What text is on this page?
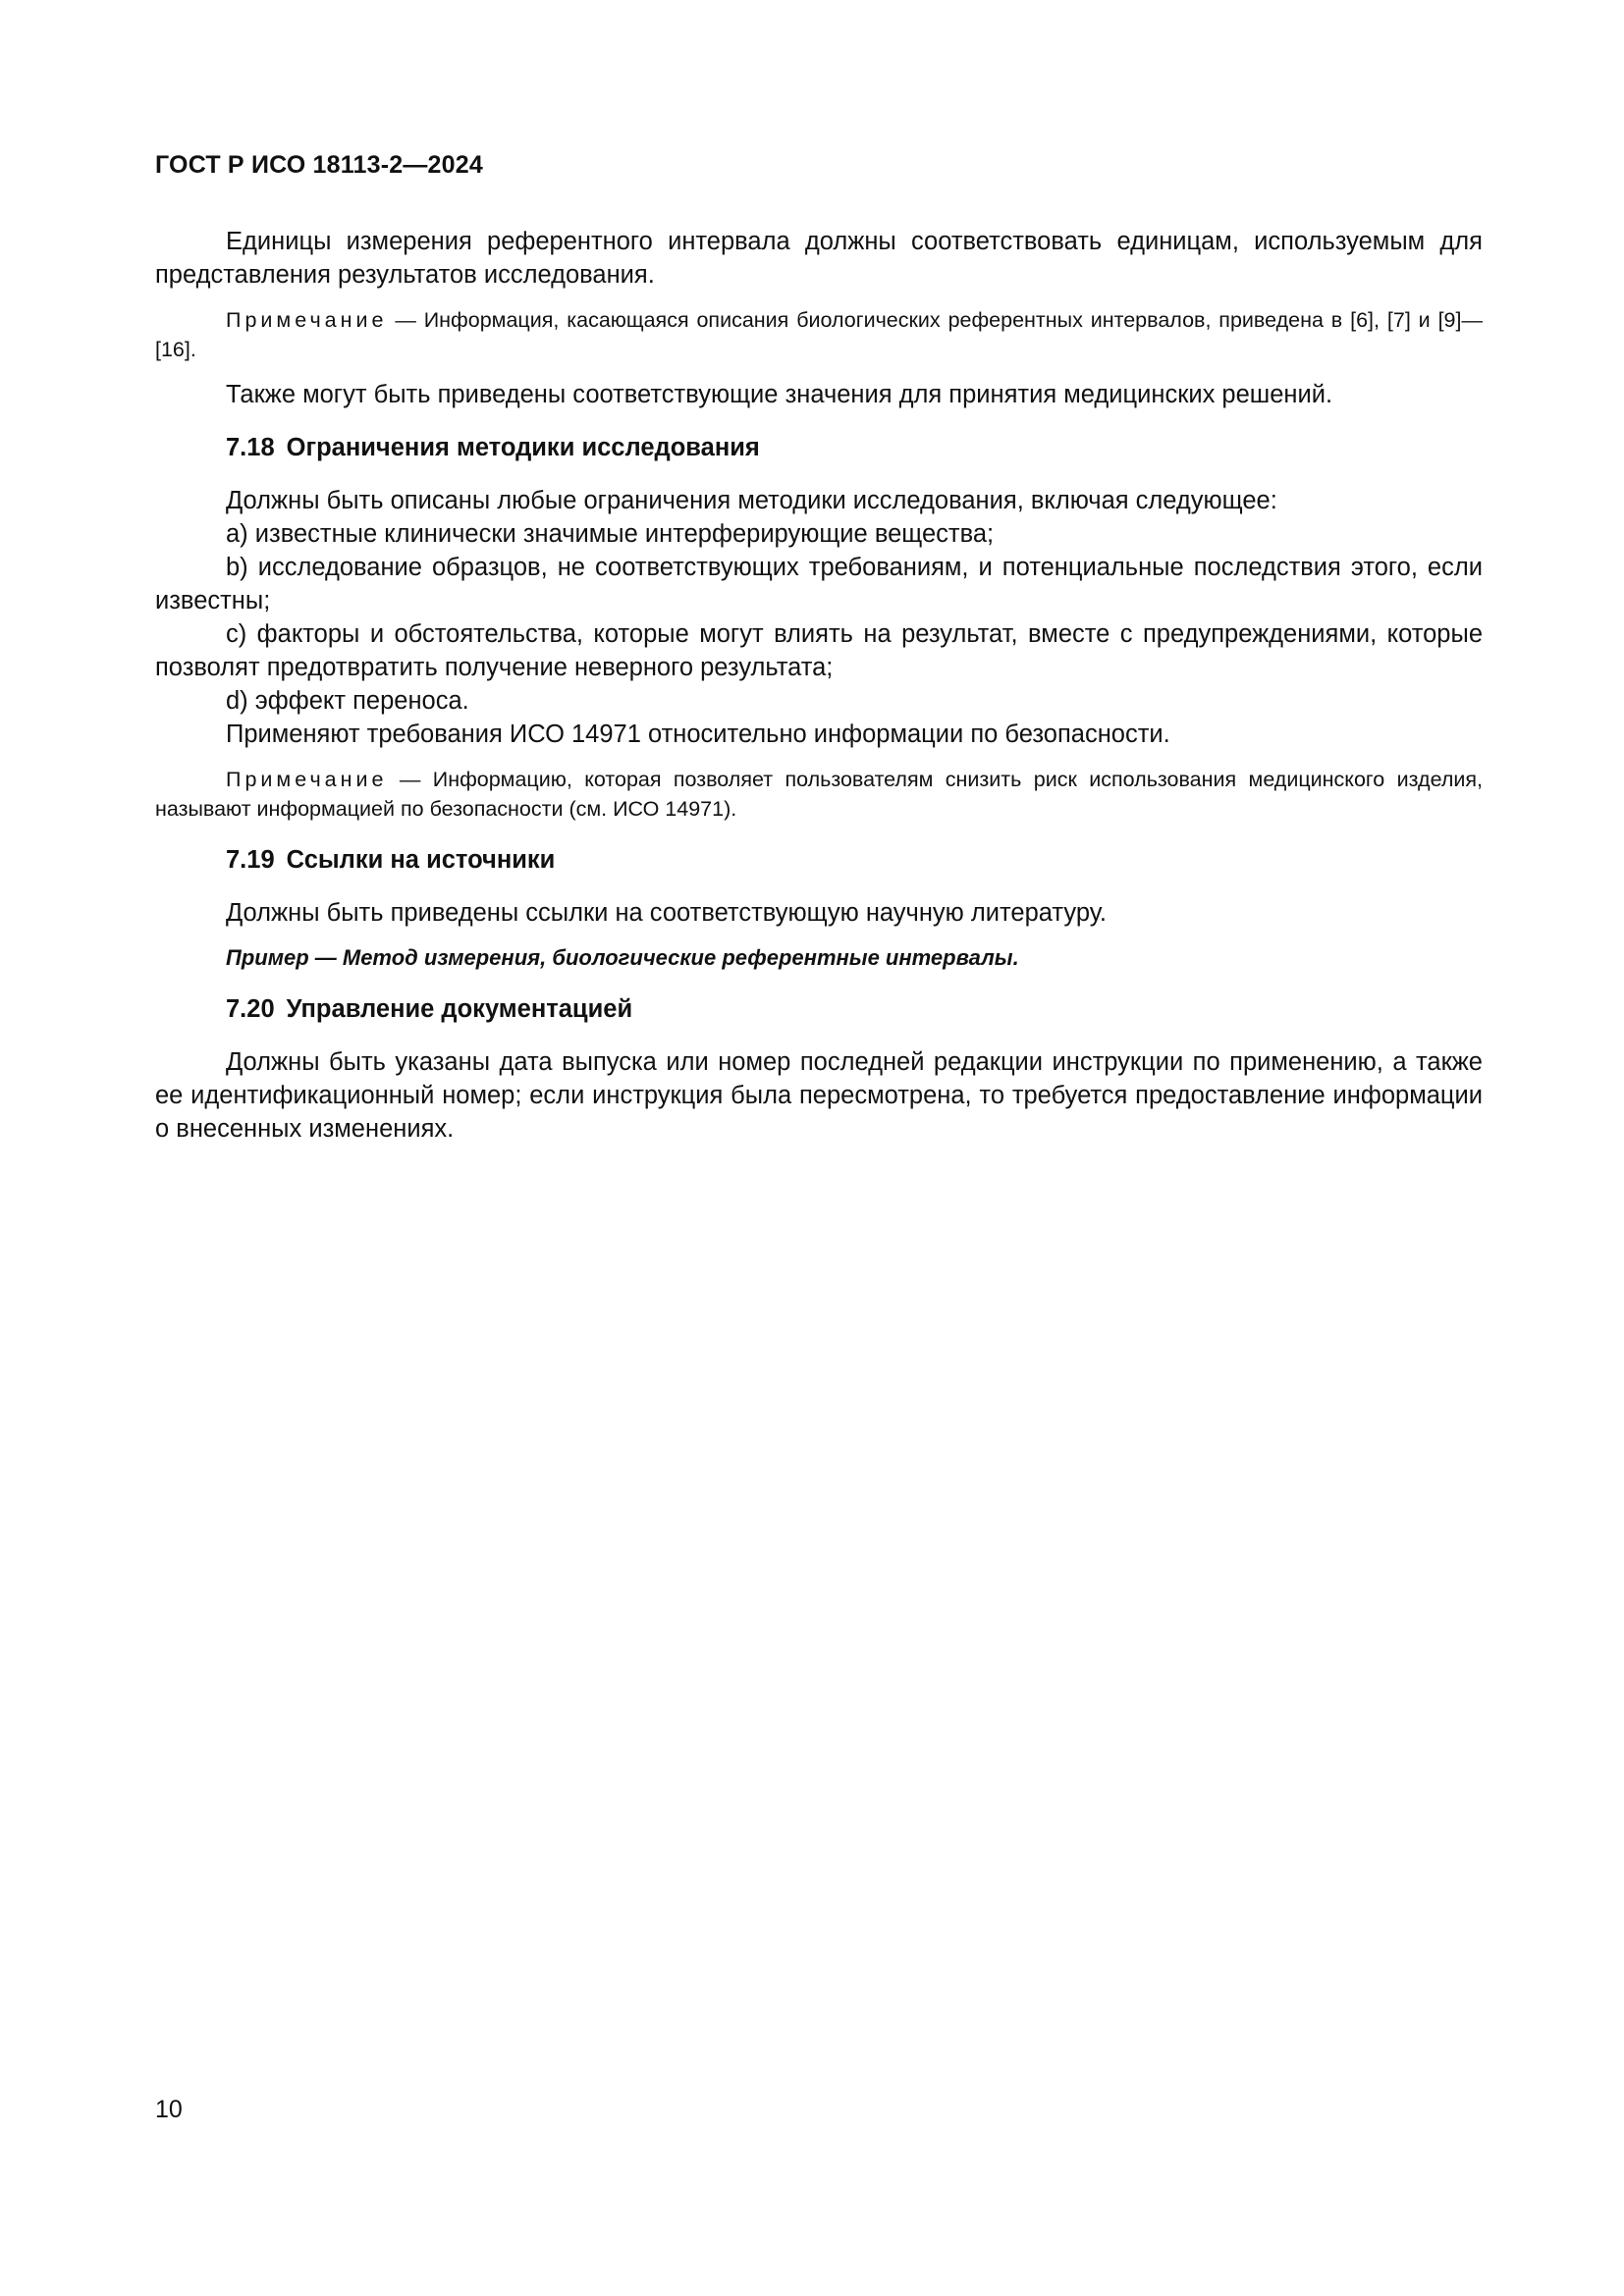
ГОСТ Р ИСО 18113-2—2024

Единицы измерения референтного интервала должны соответствовать единицам, используемым для представления результатов исследования.

Примечание — Информация, касающаяся описания биологических референтных интервалов, приведена в [6], [7] и [9]—[16].

Также могут быть приведены соответствующие значения для принятия медицинских решений.

7.18 Ограничения методики исследования

Должны быть описаны любые ограничения методики исследования, включая следующее:

a) известные клинически значимые интерферирующие вещества;

b) исследование образцов, не соответствующих требованиям, и потенциальные последствия этого, если известны;

c) факторы и обстоятельства, которые могут влиять на результат, вместе с предупреждениями, которые позволят предотвратить получение неверного результата;

d) эффект переноса.

Применяют требования ИСО 14971 относительно информации по безопасности.

Примечание — Информацию, которая позволяет пользователям снизить риск использования медицинского изделия, называют информацией по безопасности (см. ИСО 14971).

7.19 Ссылки на источники

Должны быть приведены ссылки на соответствующую научную литературу.

Пример — Метод измерения, биологические референтные интервалы.

7.20 Управление документацией

Должны быть указаны дата выпуска или номер последней редакции инструкции по применению, а также ее идентификационный номер; если инструкция была пересмотрена, то требуется предоставление информации о внесенных изменениях.

10
